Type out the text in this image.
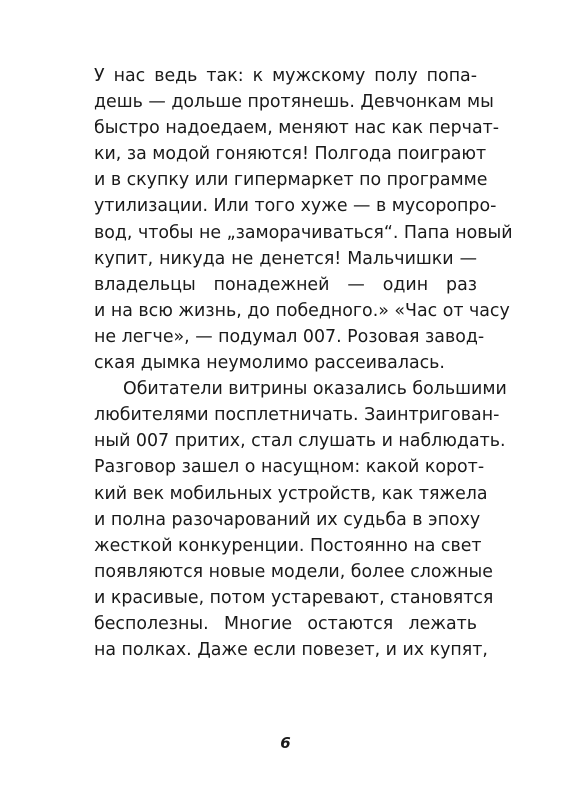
У нас ведь так: к мужскому полу попа-
дешь — дольше протянешь. Девчонкам мы
быстро надоедаем, меняют нас как перчат-
ки, за модой гоняются! Полгода поиграют
и в скупку или гипермаркет по программе
утилизации. Или того хуже — в мусоропро-
вод, чтобы не „заморачиваться“. Папа новый
купит, никуда не денется! Мальчишки —
владельцы понадежней — один раз
и на всю жизнь, до победного.» «Час от часу
не легче», — подумал 007. Розовая завод-
ская дымка неумолимо рассеивалась.
Обитатели витрины оказались большими
любителями посплетничать. Заинтригован-
ный 007 притих, стал слушать и наблюдать.
Разговор зашел о насущном: какой корот-
кий век мобильных устройств, как тяжела
и полна разочарований их судьба в эпоху
жесткой конкуренции. Постоянно на свет
появляются новые модели, более сложные
и красивые, потом устаревают, становятся
бесполезны. Многие остаются лежать
на полках. Даже если повезет, и их купят,
6
